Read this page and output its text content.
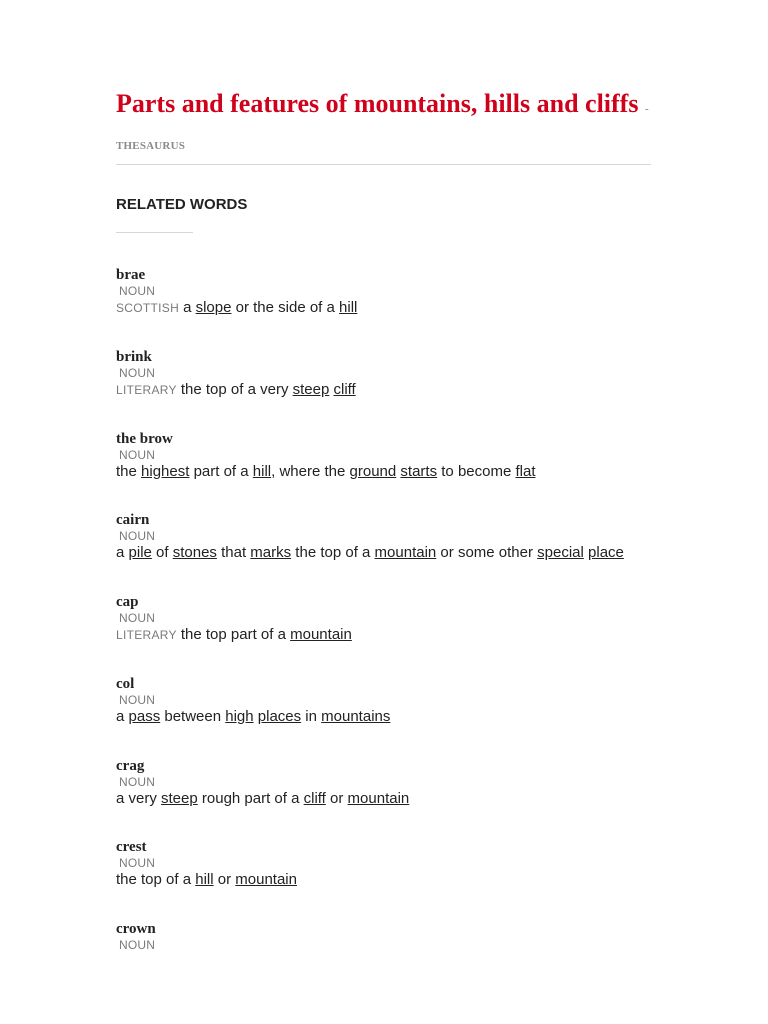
Parts and features of mountains, hills and cliffs - THESAURUS
RELATED WORDS
brae
NOUN
SCOTTISH a slope or the side of a hill
brink
NOUN
LITERARY the top of a very steep cliff
the brow
NOUN
the highest part of a hill, where the ground starts to become flat
cairn
NOUN
a pile of stones that marks the top of a mountain or some other special place
cap
NOUN
LITERARY the top part of a mountain
col
NOUN
a pass between high places in mountains
crag
NOUN
a very steep rough part of a cliff or mountain
crest
NOUN
the top of a hill or mountain
crown
NOUN
